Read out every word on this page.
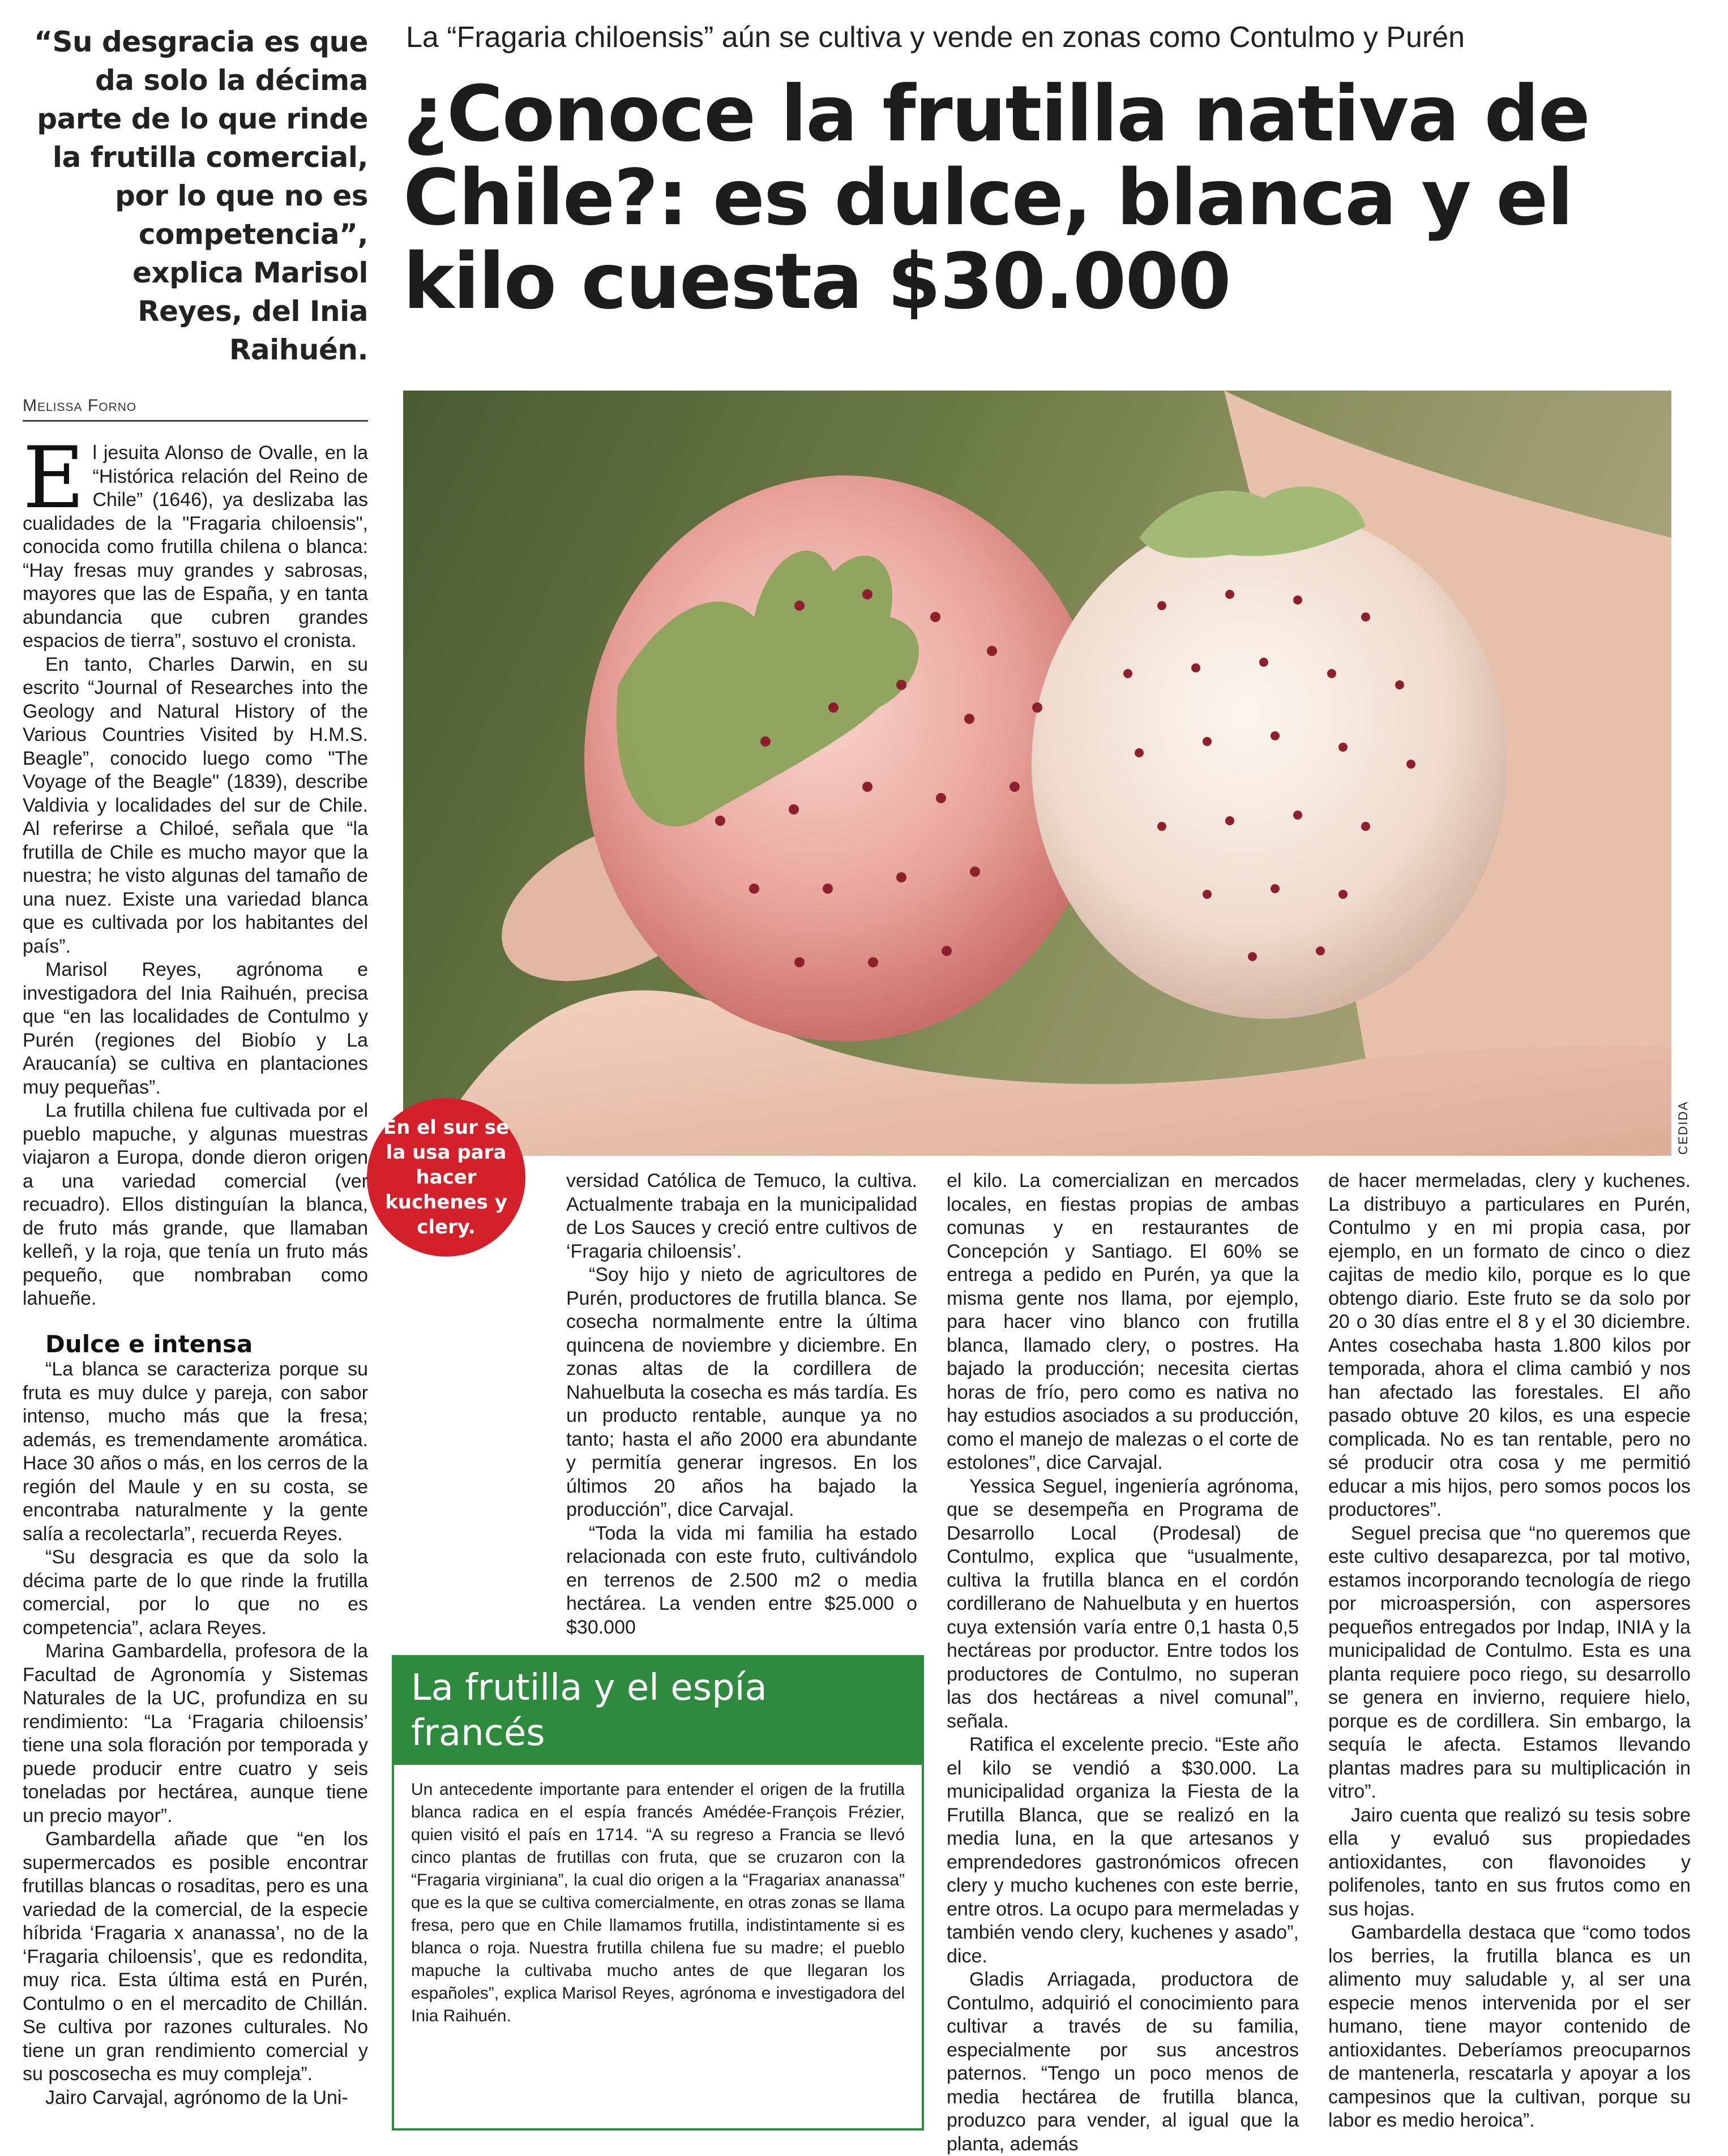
“Su desgracia es que da solo la décima parte de lo que rinde la frutilla comercial, por lo que no es competencia”, explica Marisol Reyes, del Inia Raihuén.
La “Fragaria chiloensis” aún se cultiva y vende en zonas como Contulmo y Purén
¿Conoce la frutilla nativa de Chile?: es dulce, blanca y el kilo cuesta $30.000
Melissa Forno
CEDIDA
En el sur se la usa para hacer kuchenes y clery.

El jesuita Alonso de Ovalle, en la “Histórica relación del Reino de Chile” (1646), ya deslizaba las cualidades de la "Fragaria chiloensis", conocida como frutilla chilena o blanca: “Hay fresas muy grandes y sabrosas, mayores que las de España, y en tanta abundancia que cubren grandes espacios de tierra”, sostuvo el cronista.

En tanto, Charles Darwin, en su escrito “Journal of Researches into the Geology and Natural History of the Various Countries Visited by H.M.S. Beagle”, conocido luego como "The Voyage of the Beagle" (1839), describe Valdivia y localidades del sur de Chile. Al referirse a Chiloé, señala que “la frutilla de Chile es mucho mayor que la nuestra; he visto algunas del tamaño de una nuez. Existe una variedad blanca que es cultivada por los habitantes del país”.

Marisol Reyes, agrónoma e investigadora del Inia Raihuén, precisa que “en las localidades de Contulmo y Purén (regiones del Biobío y La Araucanía) se cultiva en plantaciones muy pequeñas”.

La frutilla chilena fue cultivada por el pueblo mapuche, y algunas muestras viajaron a Europa, donde dieron origen a una variedad comercial (ver recuadro). Ellos distinguían la blanca, de fruto más grande, que llamaban kelleñ, y la roja, que tenía un fruto más pequeño, que nombraban como lahueñe.

Dulce e intensa

“La blanca se caracteriza porque su fruta es muy dulce y pareja, con sabor intenso, mucho más que la fresa; además, es tremendamente aromática. Hace 30 años o más, en los cerros de la región del Maule y en su costa, se encontraba naturalmente y la gente salía a recolectarla”, recuerda Reyes.

“Su desgracia es que da solo la décima parte de lo que rinde la frutilla comercial, por lo que no es competencia”, aclara Reyes.

Marina Gambardella, profesora de la Facultad de Agronomía y Sistemas Naturales de la UC, profundiza en su rendimiento: “La ‘Fragaria chiloensis’ tiene una sola floración por temporada y puede producir entre cuatro y seis toneladas por hectárea, aunque tiene un precio mayor”.

Gambardella añade que “en los supermercados es posible encontrar frutillas blancas o rosaditas, pero es una variedad de la comercial, de la especie híbrida ‘Fragaria x ananassa’, no de la ‘Fragaria chiloensis’, que es redondita, muy rica. Esta última está en Purén, Contulmo o en el mercadito de Chillán. Se cultiva por razones culturales. No tiene un gran rendimiento comercial y su poscosecha es muy compleja”.

Jairo Carvajal, agrónomo de la Uni-

versidad Católica de Temuco, la cultiva. Actualmente trabaja en la municipalidad de Los Sauces y creció entre cultivos de ‘Fragaria chiloensis’.

“Soy hijo y nieto de agricultores de Purén, productores de frutilla blanca. Se cosecha normalmente entre la última quincena de noviembre y diciembre. En zonas altas de la cordillera de Nahuelbuta la cosecha es más tardía. Es un producto rentable, aunque ya no tanto; hasta el año 2000 era abundante y permitía generar ingresos. En los últimos 20 años ha bajado la producción”, dice Carvajal.

“Toda la vida mi familia ha estado relacionada con este fruto, cultivándolo en terrenos de 2.500 m2 o media hectárea. La venden entre $25.000 o $30.000

el kilo. La comercializan en mercados locales, en fiestas propias de ambas comunas y en restaurantes de Concepción y Santiago. El 60% se entrega a pedido en Purén, ya que la misma gente nos llama, por ejemplo, para hacer vino blanco con frutilla blanca, llamado clery, o postres. Ha bajado la producción; necesita ciertas horas de frío, pero como es nativa no hay estudios asociados a su producción, como el manejo de malezas o el corte de estolones”, dice Carvajal.

Yessica Seguel, ingeniería agrónoma, que se desempeña en Programa de Desarrollo Local (Prodesal) de Contulmo, explica que “usualmente, cultiva la frutilla blanca en el cordón cordillerano de Nahuelbuta y en huertos cuya extensión varía entre 0,1 hasta 0,5 hectáreas por productor. Entre todos los productores de Contulmo, no superan las dos hectáreas a nivel comunal”, señala.

Ratifica el excelente precio. “Este año el kilo se vendió a $30.000. La municipalidad organiza la Fiesta de la Frutilla Blanca, que se realizó en la media luna, en la que artesanos y emprendedores gastronómicos ofrecen clery y mucho kuchenes con este berrie, entre otros. La ocupo para mermeladas y también vendo clery, kuchenes y asado”, dice.

Gladis Arriagada, productora de Contulmo, adquirió el conocimiento para cultivar a través de su familia, especialmente por sus ancestros paternos. “Tengo un poco menos de media hectárea de frutilla blanca, produzco para vender, al igual que la planta, además

de hacer mermeladas, clery y kuchenes. La distribuyo a particulares en Purén, Contulmo y en mi propia casa, por ejemplo, en un formato de cinco o diez cajitas de medio kilo, porque es lo que obtengo diario. Este fruto se da solo por 20 o 30 días entre el 8 y el 30 diciembre. Antes cosechaba hasta 1.800 kilos por temporada, ahora el clima cambió y nos han afectado las forestales. El año pasado obtuve 20 kilos, es una especie complicada. No es tan rentable, pero no sé producir otra cosa y me permitió educar a mis hijos, pero somos pocos los productores”.

Seguel precisa que “no queremos que este cultivo desaparezca, por tal motivo, estamos incorporando tecnología de riego por microaspersión, con aspersores pequeños entregados por Indap, INIA y la municipalidad de Contulmo. Esta es una planta requiere poco riego, su desarrollo se genera en invierno, requiere hielo, porque es de cordillera. Sin embargo, la sequía le afecta. Estamos llevando plantas madres para su multiplicación in vitro”.

Jairo cuenta que realizó su tesis sobre ella y evaluó sus propiedades antioxidantes, con flavonoides y polifenoles, tanto en sus frutos como en sus hojas.

Gambardella destaca que “como todos los berries, la frutilla blanca es un alimento muy saludable y, al ser una especie menos intervenida por el ser humano, tiene mayor contenido de antioxidantes. Deberíamos preocuparnos de mantenerla, rescatarla y apoyar a los campesinos que la cultivan, porque su labor es medio heroica”.

La frutilla y el espía francés
Un antecedente importante para entender el origen de la frutilla blanca radica en el espía francés Amédée-François Frézier, quien visitó el país en 1714. “A su regreso a Francia se llevó cinco plantas de frutillas con fruta, que se cruzaron con la “Fragaria virginiana”, la cual dio origen a la “Fragariax ananassa” que es la que se cultiva comercialmente, en otras zonas se llama fresa, pero que en Chile llamamos frutilla, indistintamente si es blanca o roja. Nuestra frutilla chilena fue su madre; el pueblo mapuche la cultivaba mucho antes de que llegaran los españoles”, explica Marisol Reyes, agrónoma e investigadora del Inia Raihuén.
